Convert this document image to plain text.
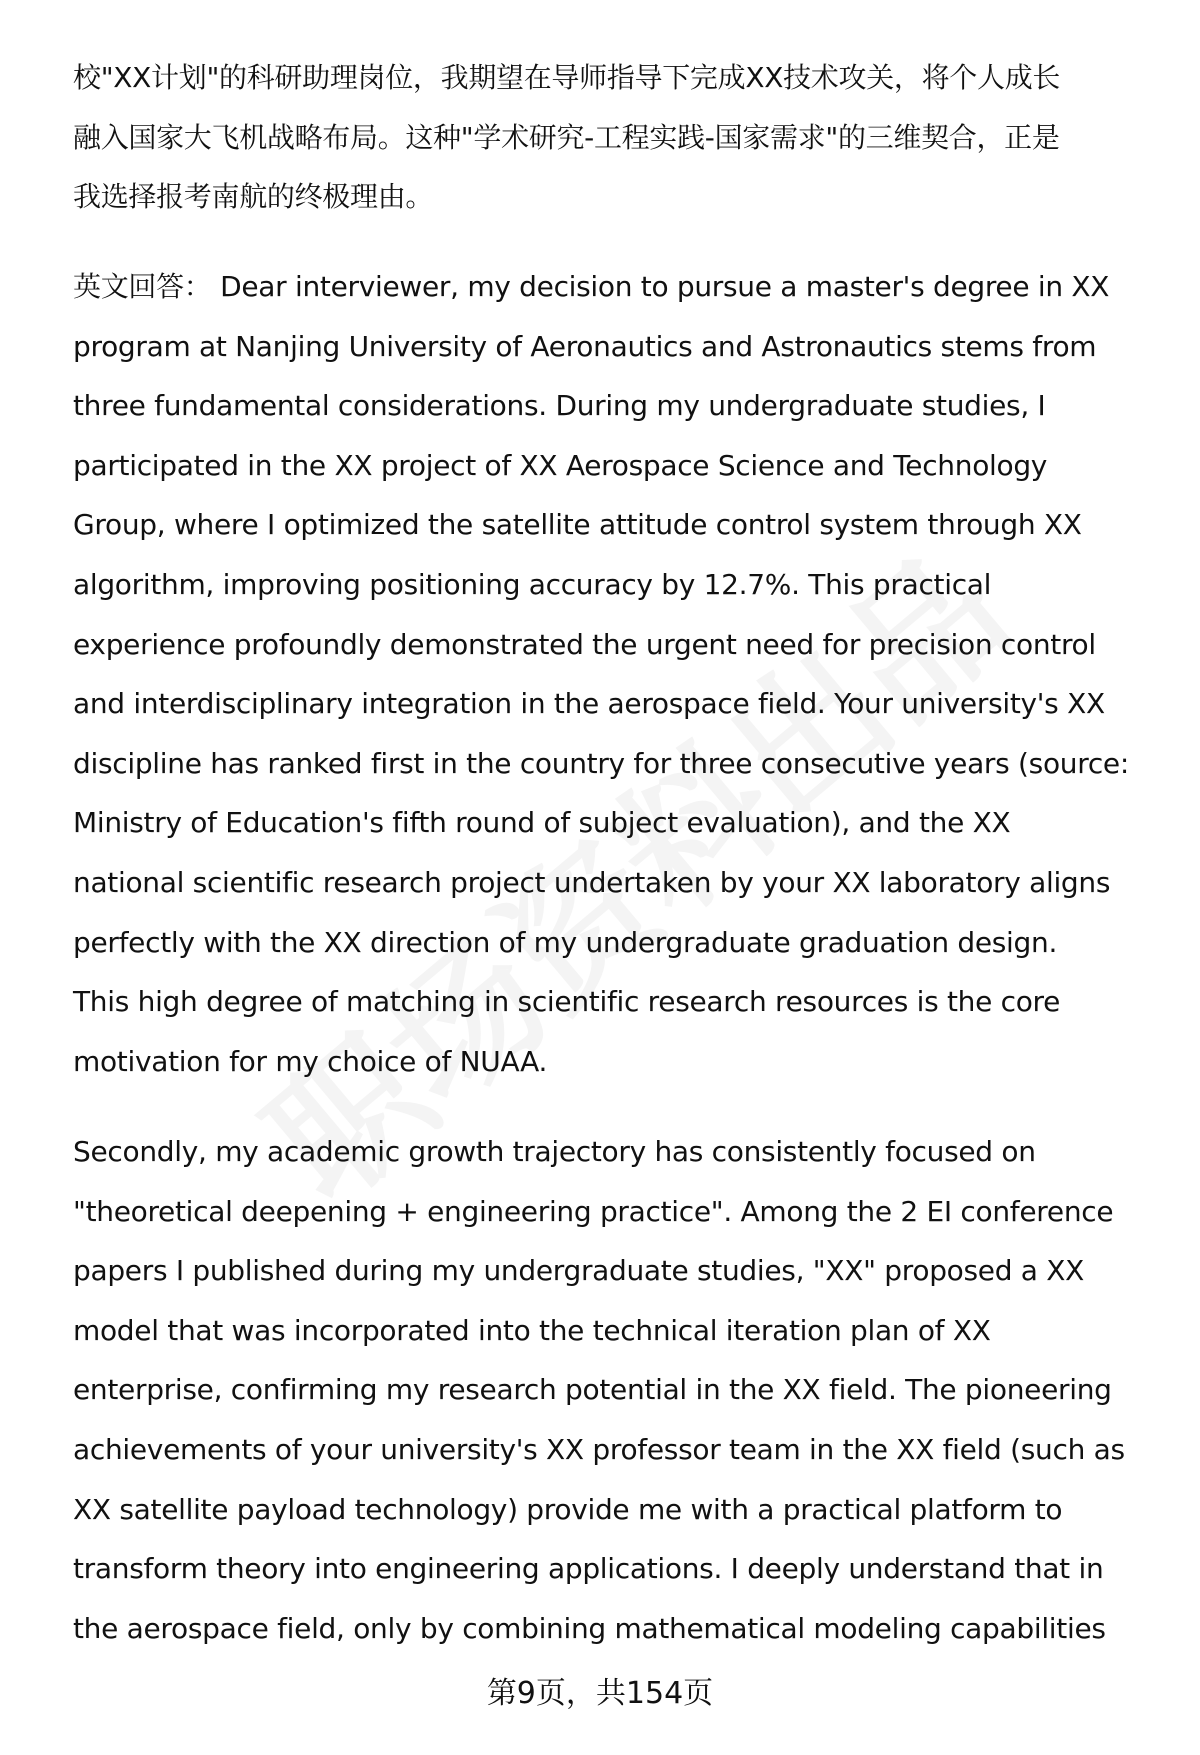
校"XX计划"的科研助理岗位，我期望在导师指导下完成XX技术攻关，将个人成长
融入国家大飞机战略布局。这种"学术研究-工程实践-国家需求"的三维契合，正是
我选择报考南航的终极理由。
英文回答： Dear interviewer, my decision to pursue a master's degree in XX
program at Nanjing University of Aeronautics and Astronautics stems from
three fundamental considerations. During my undergraduate studies, I
participated in the XX project of XX Aerospace Science and Technology
Group, where I optimized the satellite attitude control system through XX
algorithm, improving positioning accuracy by 12.7%. This practical
experience profoundly demonstrated the urgent need for precision control
and interdisciplinary integration in the aerospace field. Your university's XX
discipline has ranked first in the country for three consecutive years (source:
Ministry of Education's fifth round of subject evaluation), and the XX
national scientific research project undertaken by your XX laboratory aligns
perfectly with the XX direction of my undergraduate graduation design.
This high degree of matching in scientific research resources is the core
motivation for my choice of NUAA.
Secondly, my academic growth trajectory has consistently focused on
"theoretical deepening + engineering practice". Among the 2 EI conference
papers I published during my undergraduate studies, "XX" proposed a XX
model that was incorporated into the technical iteration plan of XX
enterprise, confirming my research potential in the XX field. The pioneering
achievements of your university's XX professor team in the XX field (such as
XX satellite payload technology) provide me with a practical platform to
transform theory into engineering applications. I deeply understand that in
the aerospace field, only by combining mathematical modeling capabilities
第9页，共154页
